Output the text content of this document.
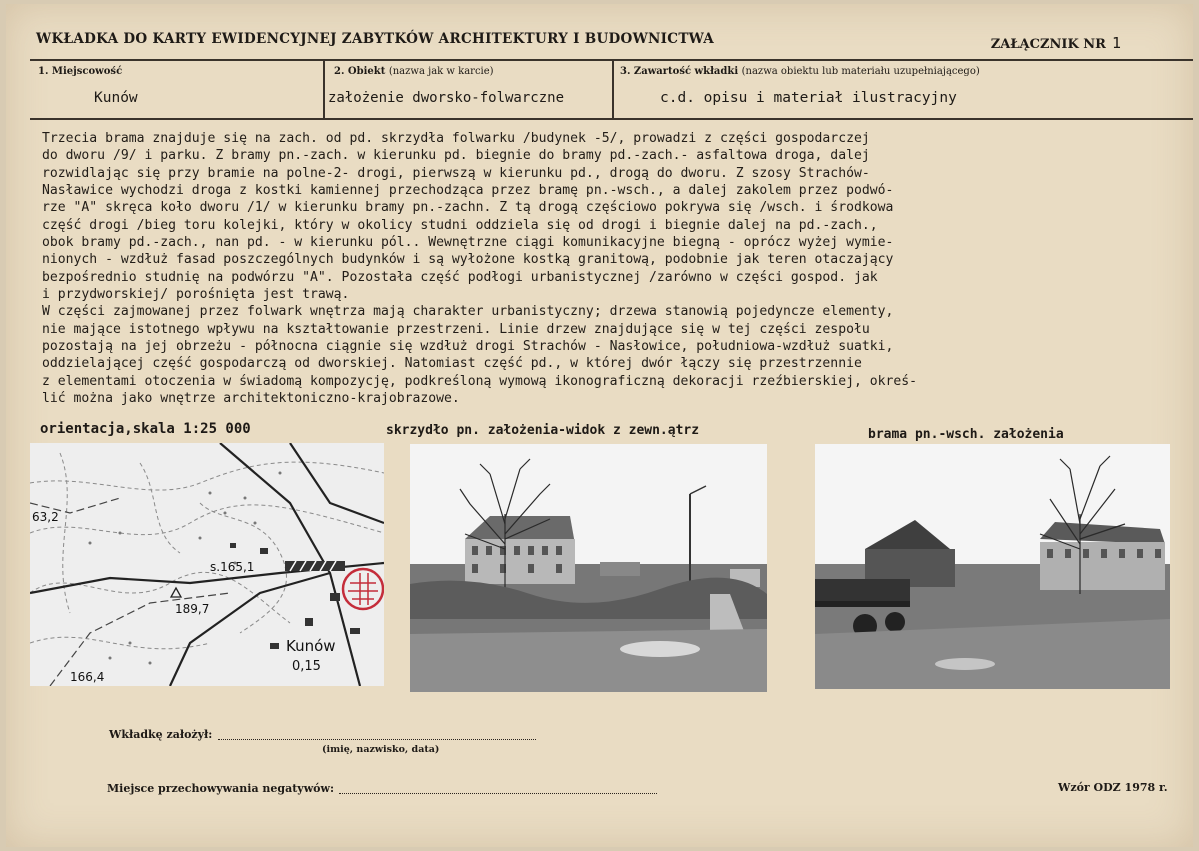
WKŁADKA DO KARTY EWIDENCYJNEJ ZABYTKÓW ARCHITEKTURY I BUDOWNICTWA	ZAŁĄCZNIK NR 1
1. Miejscowość
Kunów
2. Obiekt (nazwa jak w karcie)
założenie dworsko-folwarczne
3. Zawartość wkładki (nazwa obiektu lub materiału uzupełniającego)
c.d. opisu i materiał ilustracyjny
Trzecia brama znajduje się na zach. od pd. skrzydła folwarku /budynek -5/, prowadzi z części gospodarczej
do dworu /9/ i parku. Z bramy pn.-zach. w kierunku pd. biegnie do bramy pd.-zach.- asfaltowa droga, dalej
rozwidlając się przy bramie na polne-2- drogi, pierwszą w kierunku pd., drogą do dworu. Z szosy Strachów-
Nasławice wychodzi droga z kostki kamiennej przechodząca przez bramę pn.-wsch., a dalej zakolem przez podwó-
rze "A" skręca koło dworu /1/ w kierunku bramy pn.-zachn. Z tą drogą częściowo pokrywa się /wsch. i środkowa
część drogi /bieg toru kolejki, który w okolicy studni oddziela się od drogi i biegnie dalej na pd.-zach.,
obok bramy pd.-zach., nan pd. - w kierunku pól.. Wewnętrzne ciągi komunikacyjne biegną - oprócz wyżej wymie-
nionych - wzdłuż fasad poszczególnych budynków i są wyłożone kostką granitową, podobnie jak teren otaczający
bezpośrednio studnię na podwórzu "A". Pozostała część podłogi urbanistycznej /zarówno w części gospod. jak
i przydworskiej/ porośnięta jest trawą.
W części zajmowanej przez folwark wnętrza mają charakter urbanistyczny; drzewa stanowią pojedyncze elementy,
nie mające istotnego wpływu na kształtowanie przestrzeni. Linie drzew znajdujące się w tej części zespołu
pozostają na jej obrzeżu - północna ciągnie się wzdłuż drogi Strachów - Nasłowice, południowa-wzdłuż suatki,
oddzielającej część gospodarczą od dworskiej. Natomiast część pd., w której dwór łączy się przestrzennie
z elementami otoczenia w świadomą kompozycję, podkreśloną wymową ikonograficzną dekoracji rzeźbierskiej, okreś-
lić można jako wnętrze architektoniczno-krajobrazowe.
orientacja,skala 1:25 000	skrzydło pn. założenia-widok z zewn.ątrz	brama pn.-wsch. założenia
63,2
s.165,1
189,7
166,4
Kunów
0,15
Wkładkę założył:
(imię, nazwisko, data)
Miejsce przechowywania negatywów:	Wzór ODZ 1978 r.
